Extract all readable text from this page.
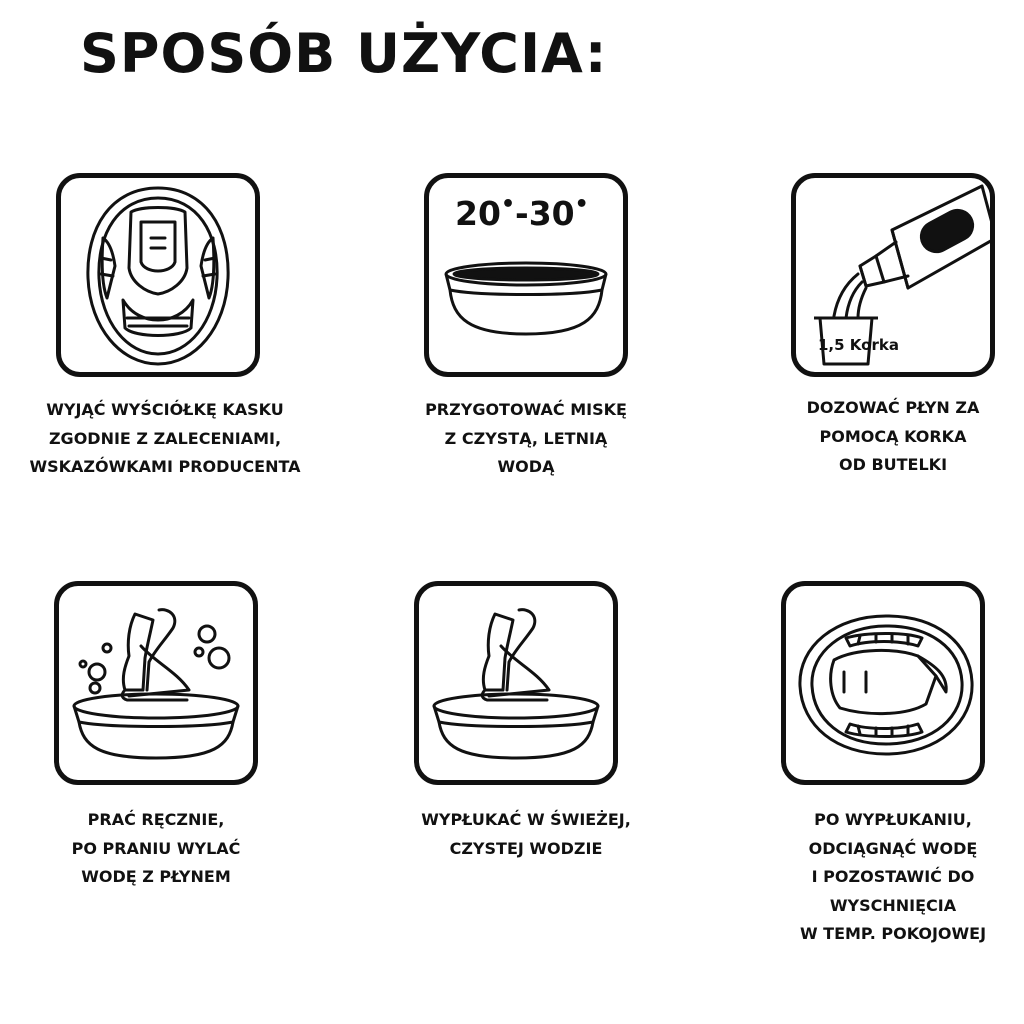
SPOSÓB UŻYCIA:

WYJĄĆ WYŚCIÓŁKĘ KASKU
ZGODNIE Z ZALECENIAMI,
WSKAZÓWKAMI PRODUCENTA

20•-30•

PRZYGOTOWAĆ MISKĘ
Z CZYSTĄ, LETNIĄ
WODĄ

1,5 Korka

DOZOWAĆ PŁYN ZA
POMOCĄ KORKA
OD BUTELKI

PRAĆ RĘCZNIE,
PO PRANIU WYLAĆ
WODĘ Z PŁYNEM

WYPŁUKAĆ W ŚWIEŻEJ,
CZYSTEJ WODZIE

PO WYPŁUKANIU,
ODCIĄGNĄĆ WODĘ
I POZOSTAWIĆ DO
WYSCHNIĘCIA
W TEMP. POKOJOWEJ
